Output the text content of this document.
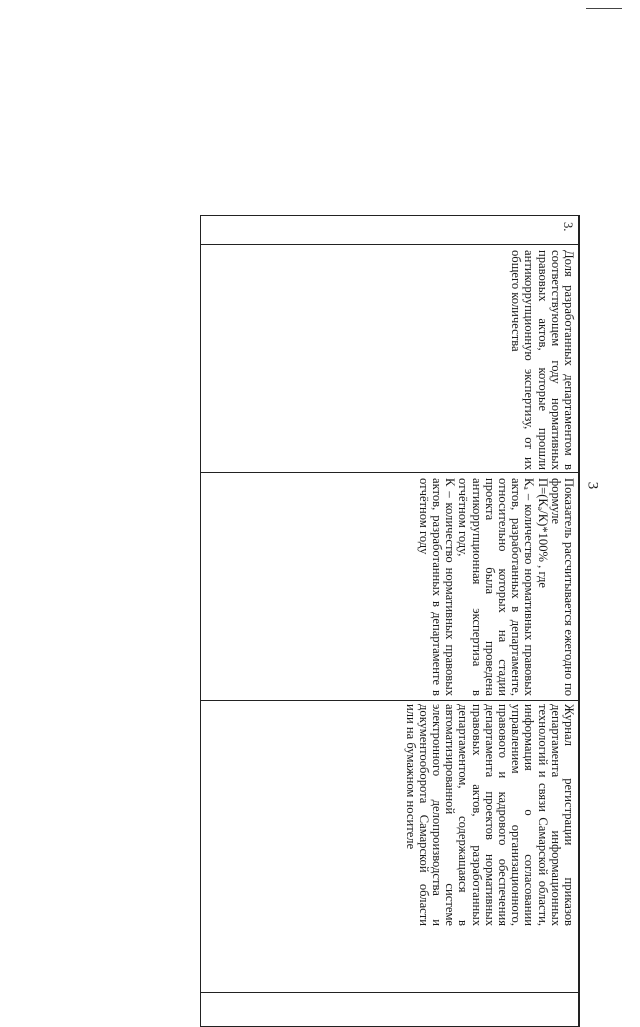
3
3.

Доля разработанных департаментом в соответствующем году нормативных правовых актов, которые прошли антикоррупционную экспертизу, от их общего количества

Показатель рассчитывается ежегодно по формуле

П=(Кₐ/К)*100% , где

Кₐ – количество нормативных правовых актов, разработанных в департаменте, относительно которых на стадии проекта была проведена антикоррупционная экспертиза в отчётном году,

К – количество нормативных правовых актов, разработанных в департаменте в отчётном году

Журнал регистрации приказов департамента информационных технологий и связи Самарской области, информация о согласовании управлением организационного, правового и кадрового обеспечения департамента проектов нормативных правовых актов, разработанных департаментом, содержащаяся в автоматизированной системе электронного делопроизводства и документооборота Самарской области или на бумажном носителе
